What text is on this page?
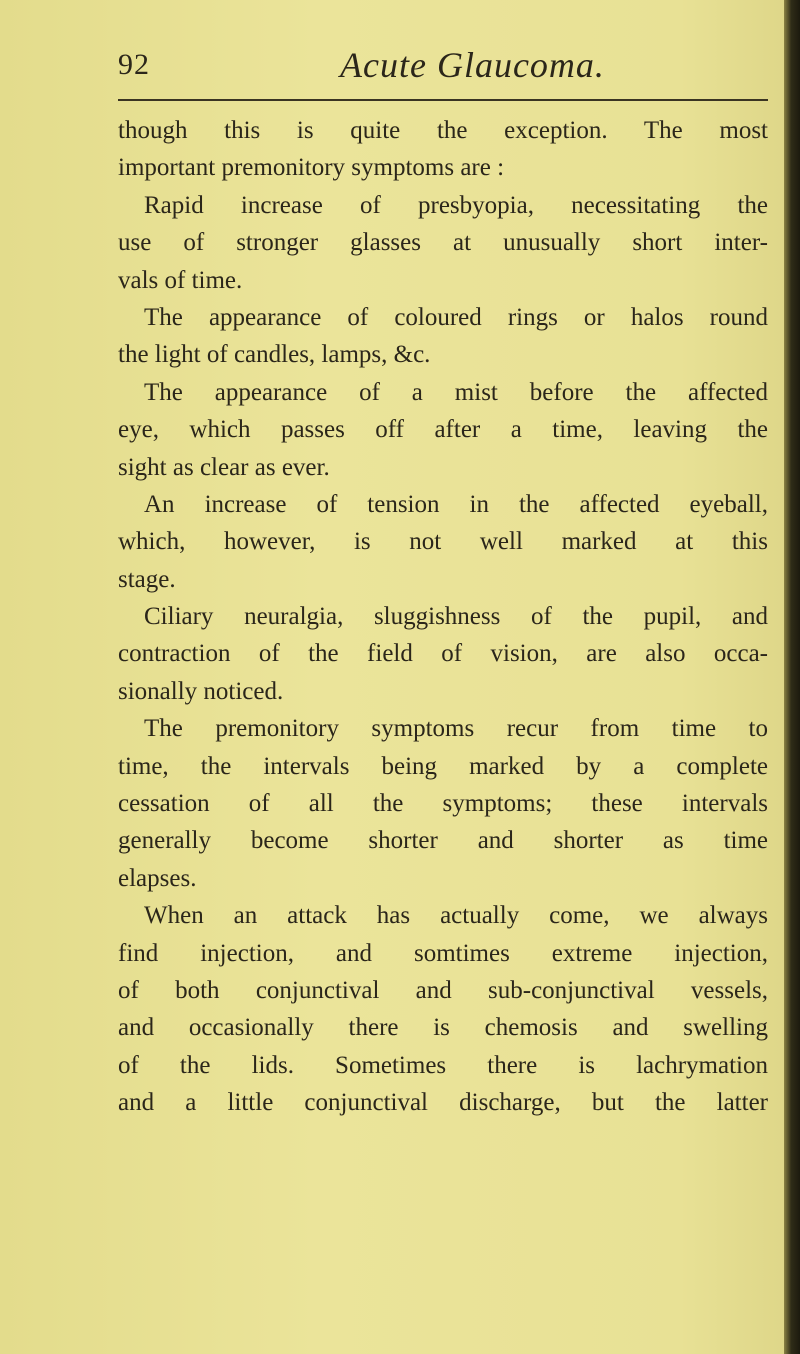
92	Acute Glaucoma.
though this is quite the exception. The most
important premonitory symptoms are :
Rapid increase of presbyopia, necessitating the
use of stronger glasses at unusually short inter-
vals of time.
The appearance of coloured rings or halos round
the light of candles, lamps, &c.
The appearance of a mist before the affected
eye, which passes off after a time, leaving the
sight as clear as ever.
An increase of tension in the affected eyeball,
which, however, is not well marked at this
stage.
Ciliary neuralgia, sluggishness of the pupil, and
contraction of the field of vision, are also occa-
sionally noticed.
The premonitory symptoms recur from time to
time, the intervals being marked by a complete
cessation of all the symptoms; these intervals
generally become shorter and shorter as time
elapses.
When an attack has actually come, we always
find injection, and somtimes extreme injection,
of both conjunctival and sub-conjunctival vessels,
and occasionally there is chemosis and swelling
of the lids. Sometimes there is lachrymation
and a little conjunctival discharge, but the latter
